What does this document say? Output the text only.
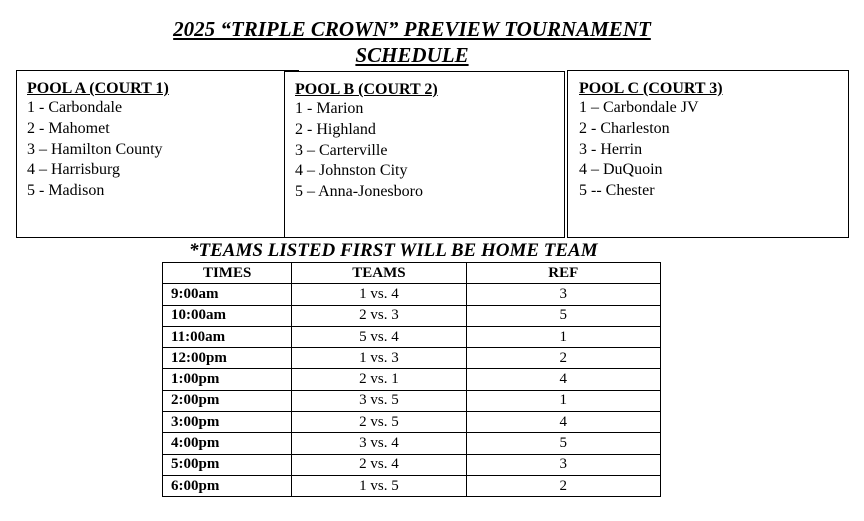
2025 “TRIPLE CROWN” PREVIEW TOURNAMENT
SCHEDULE

POOL A (COURT 1)

1 - Carbondale
2 - Mahomet
3 – Hamilton County
4 – Harrisburg
5 - Madison

POOL B (COURT 2)

1 - Marion
2 - Highland
3 – Carterville
4 – Johnston City
5 – Anna-Jonesboro

POOL C (COURT 3)

1 – Carbondale JV
2 - Charleston
3 - Herrin
4 – DuQuoin
5 -- Chester

*TEAMS LISTED FIRST WILL BE HOME TEAM

TIMES	TEAMS	REF
9:00am	1 vs. 4	3
10:00am	2 vs. 3	5
11:00am	5 vs. 4	1
12:00pm	1 vs. 3	2
1:00pm	2 vs. 1	4
2:00pm	3 vs. 5	1
3:00pm	2 vs. 5	4
4:00pm	3 vs. 4	5
5:00pm	2 vs. 4	3
6:00pm	1 vs. 5	2
